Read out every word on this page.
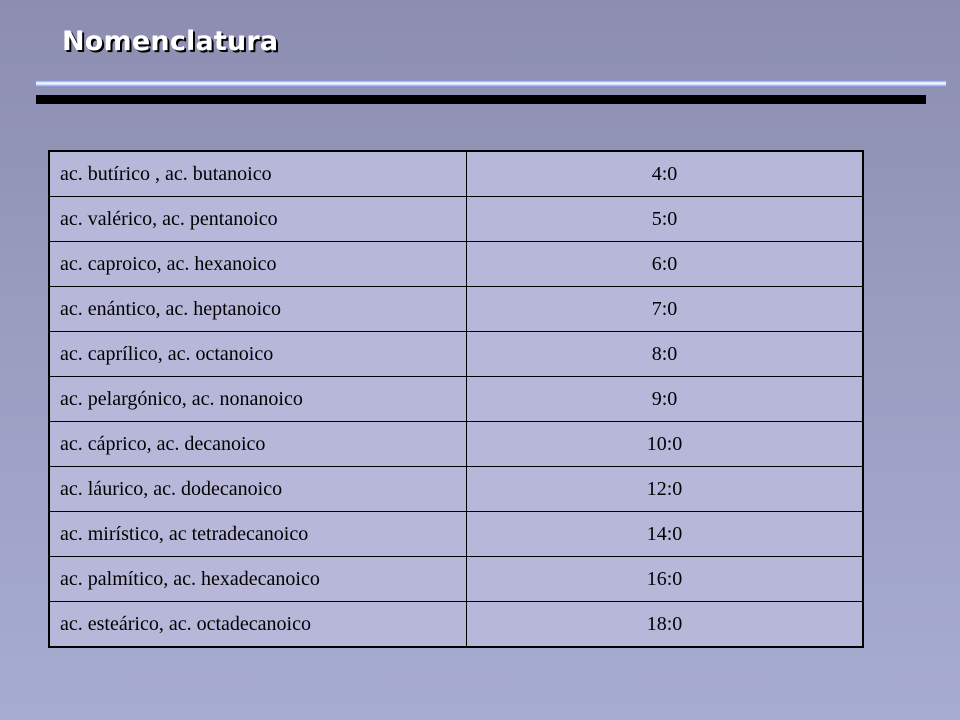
Nomenclatura
ac. butírico , ac. butanoico	4:0
ac. valérico, ac. pentanoico	5:0
ac. caproico, ac. hexanoico	6:0
ac. enántico, ac. heptanoico	7:0
ac. caprílico, ac. octanoico	8:0
ac. pelargónico, ac. nonanoico	9:0
ac. cáprico, ac. decanoico	10:0
ac. láurico, ac. dodecanoico	12:0
ac. mirístico, ac tetradecanoico	14:0
ac. palmítico, ac. hexadecanoico	16:0
ac. esteárico, ac. octadecanoico	18:0
